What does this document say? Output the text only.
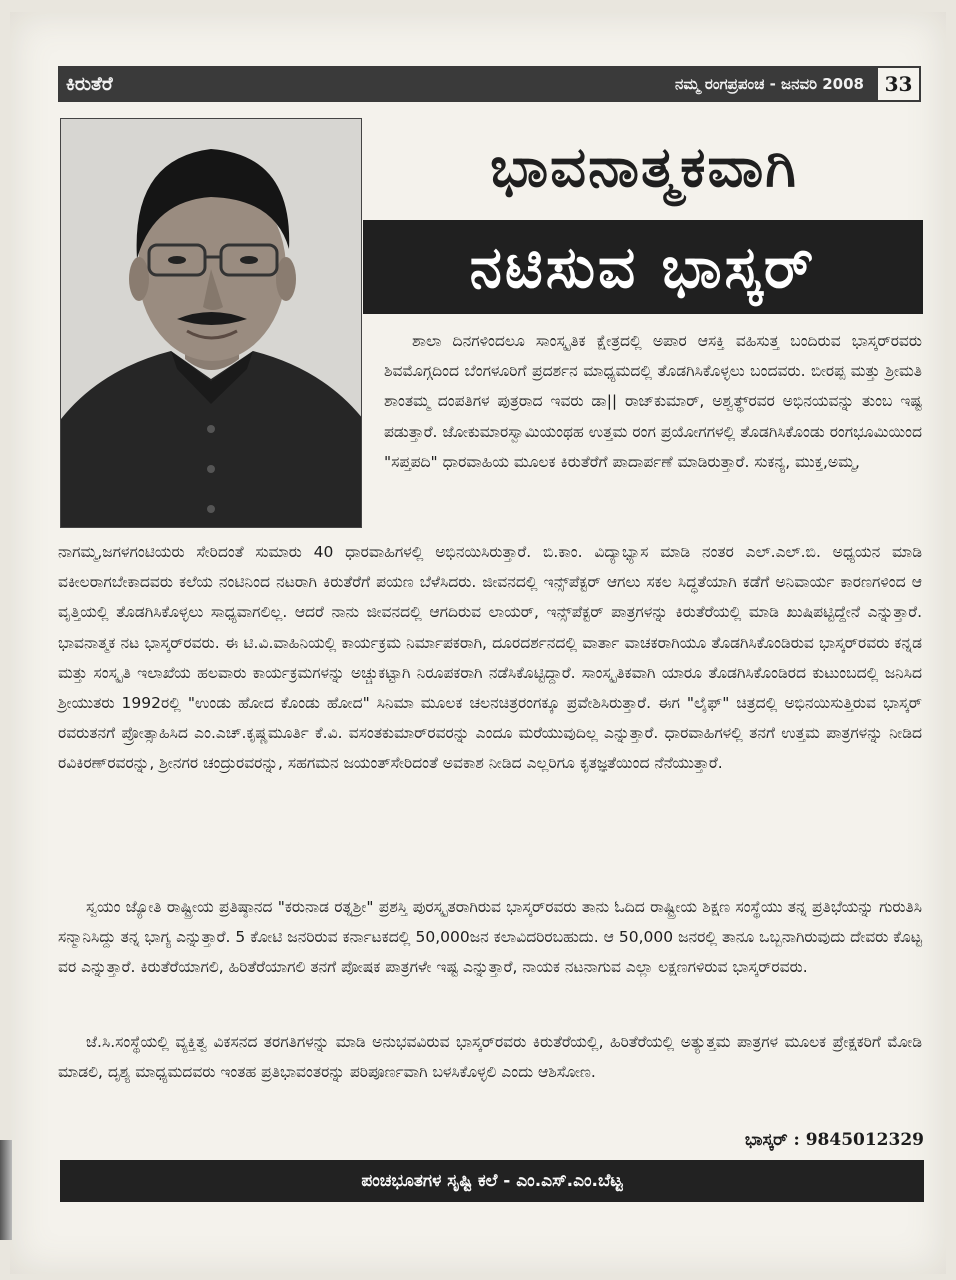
ಕಿರುತೆರೆ	ನಮ್ಮ ರಂಗಪ್ರಪಂಚ - ಜನವರಿ 2008	33
ಭಾವನಾತ್ಮಕವಾಗಿ
ನಟಿಸುವ ಭಾಸ್ಕರ್
ಶಾಲಾ ದಿನಗಳಿಂದಲೂ ಸಾಂಸ್ಕೃತಿಕ ಕ್ಷೇತ್ರದಲ್ಲಿ ಅಪಾರ ಆಸಕ್ತಿ ವಹಿಸುತ್ತ ಬಂದಿರುವ ಭಾಸ್ಕರ್‌ರವರು ಶಿವಮೊಗ್ಗದಿಂದ ಬೆಂಗಳೂರಿಗೆ ಪ್ರದರ್ಶನ ಮಾಧ್ಯಮದಲ್ಲಿ ತೊಡಗಿಸಿಕೊಳ್ಳಲು ಬಂದವರು. ಬೀರಪ್ಪ ಮತ್ತು ಶ್ರೀಮತಿ ಶಾಂತಮ್ಮ ದಂಪತಿಗಳ ಪುತ್ರರಾದ ಇವರು ಡಾ|| ರಾಜ್‌ಕುಮಾರ್, ಅಶ್ವತ್ಥ್‌ರವರ ಅಭಿನಯವನ್ನು ತುಂಬ ಇಷ್ಟ ಪಡುತ್ತಾರೆ. ಜೋಕುಮಾರಸ್ವಾಮಿಯಂಥ‌ಹ ಉತ್ತಮ ರಂಗ ಪ್ರಯೋಗಗಳಲ್ಲಿ ತೊಡಗಿಸಿಕೊಂಡು ರಂಗಭೂಮಿಯಿಂದ "ಸಪ್ತಪದಿ" ಧಾರವಾಹಿಯ ಮೂಲಕ ಕಿರುತೆರೆಗೆ ಪಾದಾರ್ಪಣೆ ಮಾಡಿರುತ್ತಾರೆ. ಸುಕನ್ಯ, ಮುಕ್ತ,ಅಮ್ಮ,
ನಾಗಮ್ಮ,ಜಗಳಗಂಟಿಯರು ಸೇರಿದಂತೆ ಸುಮಾರು 40 ಧಾರವಾಹಿಗಳಲ್ಲಿ ಅಭಿನಯಿಸಿರುತ್ತಾರೆ. ಬಿ.ಕಾಂ. ವಿದ್ಯಾಭ್ಯಾಸ ಮಾಡಿ ನಂತರ ಎಲ್.ಎಲ್.ಬಿ. ಅಧ್ಯಯನ ಮಾಡಿ ವಕೀಲರಾಗಬೇಕಾದವರು ಕಲೆಯ ನಂಟಿನಿಂದ ನಟರಾಗಿ ಕಿರುತೆರೆಗೆ ಪಯಣ ಬೆಳೆಸಿದರು. ಜೀವನದಲ್ಲಿ ಇನ್ಸ್‌ಪೆಕ್ಟರ್ ಆಗಲು ಸಕಲ ಸಿದ್ಧತೆಯಾಗಿ ಕಡೆಗೆ ಅನಿವಾರ್ಯ ಕಾರಣಗಳಿಂದ ಆ ವೃತ್ತಿಯಲ್ಲಿ ತೊಡಗಿಸಿಕೊಳ್ಳಲು ಸಾಧ್ಯವಾಗಲಿಲ್ಲ. ಆದರೆ ನಾನು ಜೀವನದಲ್ಲಿ ಆಗದಿರುವ ಲಾಯರ್, ಇನ್ಸ್‌ಪೆಕ್ಟರ್ ಪಾತ್ರಗಳನ್ನು ಕಿರುತೆರೆಯಲ್ಲಿ ಮಾಡಿ ಖುಷಿಪಟ್ಟಿದ್ದೇನೆ ಎನ್ನುತ್ತಾರೆ. ಭಾವನಾತ್ಮಕ ನಟ ಭಾಸ್ಕರ್‌ರವರು. ಈ ಟಿ.ವಿ.ವಾಹಿನಿಯಲ್ಲಿ ಕಾರ್ಯಕ್ರಮ ನಿರ್ಮಾಪಕರಾಗಿ, ದೂರದರ್ಶನದಲ್ಲಿ ವಾರ್ತಾ ವಾಚಕರಾಗಿಯೂ ತೊಡಗಿಸಿಕೊಂಡಿರುವ ಭಾಸ್ಕರ್‌ರವರು ಕನ್ನಡ ಮತ್ತು ಸಂಸ್ಕೃತಿ ಇಲಾಖೆಯ ಹಲವಾರು ಕಾರ್ಯಕ್ರಮಗಳನ್ನು ಅಚ್ಚುಕಟ್ಟಾಗಿ ನಿರೂಪಕರಾಗಿ ನಡೆಸಿಕೊಟ್ಟಿದ್ದಾರೆ. ಸಾಂಸ್ಕೃತಿಕವಾಗಿ ಯಾರೂ ತೊಡಗಿಸಿಕೊಂಡಿರದ ಕುಟುಂಬದಲ್ಲಿ ಜನಿಸಿದ ಶ್ರೀಯುತರು 1992ರಲ್ಲಿ "ಉಂಡು ಹೋದ ಕೊಂಡು ಹೋದ" ಸಿನಿಮಾ ಮೂಲಕ ಚಲನಚಿತ್ರರಂಗಕ್ಕೂ ಪ್ರವೇಶಿಸಿರುತ್ತಾರೆ. ಈಗ "ಲೈಫ್" ಚಿತ್ರದಲ್ಲಿ ಅಭಿನಯಿಸುತ್ತಿರುವ ಭಾಸ್ಕರ್ ರವರುತನಗೆ ಪ್ರೋತ್ಸಾಹಿಸಿದ ಎಂ.ಎಚ್.ಕೃಷ್ಣಮೂರ್ತಿ ಕೆ.ವಿ. ವಸಂತಕುಮಾರ್‌ರವರನ್ನು ಎಂದೂ ಮರೆಯುವುದಿಲ್ಲ ಎನ್ನುತ್ತಾರೆ. ಧಾರವಾಹಿಗಳಲ್ಲಿ ತನಗೆ ಉತ್ತಮ ಪಾತ್ರಗಳನ್ನು ನೀಡಿದ ರವಿಕಿರಣ್‌ರವರನ್ನು, ಶ್ರೀನಗರ ಚಂದ್ರುರವರನ್ನು, ಸಹಗಮನ ಜಯಂತ್‌ಸೇರಿದಂತೆ ಅವಕಾಶ ನೀಡಿದ ಎಲ್ಲರಿಗೂ ಕೃತಜ್ಞತೆಯಿಂದ ನೆನೆಯುತ್ತಾರೆ.
ಸ್ವಯಂ ಜ್ಯೋತಿ ರಾಷ್ಟ್ರೀಯ ಪ್ರತಿಷ್ಠಾನದ "ಕರುನಾಡ ರತ್ನಶ್ರೀ" ಪ್ರಶಸ್ತಿ ಪುರಸ್ಕೃತರಾಗಿರುವ ಭಾಸ್ಕರ್‌ರವರು ತಾನು ಓದಿದ ರಾಷ್ಟ್ರೀಯ ಶಿಕ್ಷಣ ಸಂಸ್ಥೆಯು ತನ್ನ ಪ್ರತಿಭೆಯನ್ನು ಗುರುತಿಸಿ ಸನ್ಮಾನಿಸಿದ್ದು ತನ್ನ ಭಾಗ್ಯ ಎನ್ನುತ್ತಾರೆ. 5 ಕೋಟಿ ಜನರಿರುವ ಕರ್ನಾಟಕದಲ್ಲಿ 50,000ಜನ ಕಲಾವಿದರಿರಬಹುದು. ಆ 50,000 ಜನರಲ್ಲಿ ತಾನೂ ಒಬ್ಬನಾಗಿರುವುದು ದೇವರು ಕೊಟ್ಟ ವರ ಎನ್ನುತ್ತಾರೆ. ಕಿರುತೆರೆಯಾಗಲಿ, ಹಿರಿತೆರೆಯಾಗಲಿ ತನಗೆ ಪೋಷಕ ಪಾತ್ರಗಳೇ ಇಷ್ಟ ಎನ್ನುತ್ತಾರೆ, ನಾಯಕ ನಟನಾಗುವ ಎಲ್ಲಾ ಲಕ್ಷಣಗಳಿರುವ ಭಾಸ್ಕರ್‌ರವರು.
ಜೆ.ಸಿ.ಸಂಸ್ಥೆಯಲ್ಲಿ ವ್ಯಕ್ತಿತ್ವ ವಿಕಸನದ ತರಗತಿಗಳನ್ನು ಮಾಡಿ ಅನುಭವವಿರುವ ಭಾಸ್ಕರ್‌ರವರು ಕಿರುತೆರೆಯಲ್ಲಿ, ಹಿರಿತೆರೆಯಲ್ಲಿ ಅತ್ಯುತ್ತಮ ಪಾತ್ರಗಳ ಮೂಲಕ ಪ್ರೇಕ್ಷಕರಿಗೆ ಮೋಡಿ ಮಾಡಲಿ, ದೃಶ್ಯ ಮಾಧ್ಯಮದವರು ಇಂತಹ ಪ್ರತಿಭಾವಂತರನ್ನು ಪರಿಪೂರ್ಣವಾಗಿ ಬಳಸಿಕೊಳ್ಳಲಿ ಎಂದು ಆಶಿಸೋಣ.
ಭಾಸ್ಕರ್ : 9845012329
ಪಂಚಭೂತಗಳ ಸೃಷ್ಟಿ ಕಲೆ - ಎಂ.ಎಸ್.ಎಂ.ಬೆಟ್ಟ
